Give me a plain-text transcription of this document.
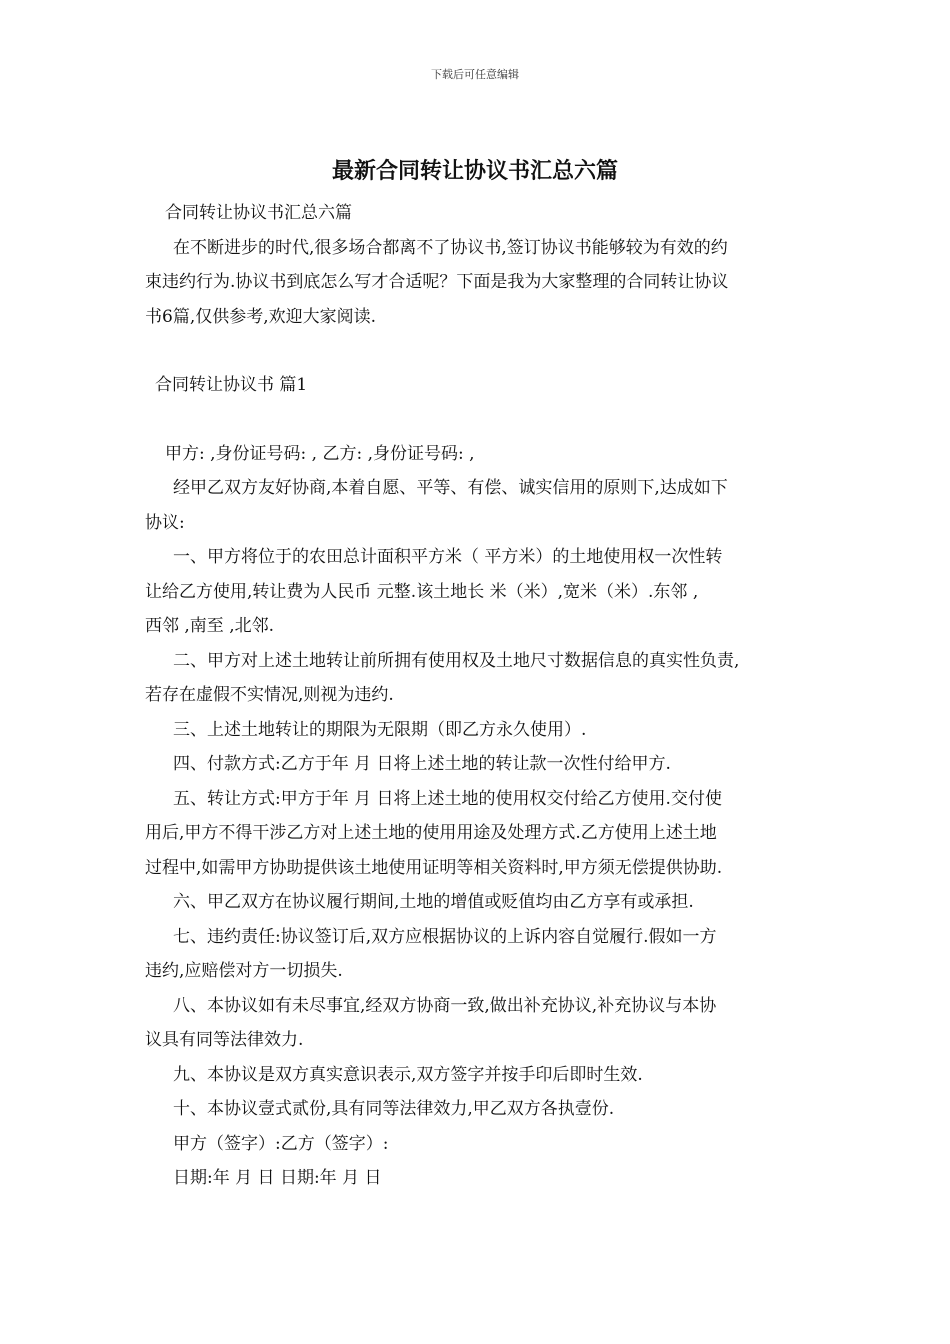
下载后可任意编辑
最新合同转让协议书汇总六篇
合同转让协议书汇总六篇
在不断进步的时代,很多场合都离不了协议书,签订协议书能够较为有效的约
束违约行为.协议书到底怎么写才合适呢？下面是我为大家整理的合同转让协议
书6篇,仅供参考,欢迎大家阅读.
合同转让协议书 篇1
甲方: ,身份证号码: , 乙方: ,身份证号码: ,
经甲乙双方友好协商,本着自愿、平等、有偿、诚实信用的原则下,达成如下
协议:
一、甲方将位于的农田总计面积平方米（ 平方米）的土地使用权一次性转
让给乙方使用,转让费为人民币 元整.该土地长 米（米）,宽米（米）.东邻 ,
西邻 ,南至 ,北邻.
二、甲方对上述土地转让前所拥有使用权及土地尺寸数据信息的真实性负责,
若存在虚假不实情况,则视为违约.
三、上述土地转让的期限为无限期（即乙方永久使用）.
四、付款方式:乙方于年 月 日将上述土地的转让款一次性付给甲方.
五、转让方式:甲方于年 月 日将上述土地的使用权交付给乙方使用.交付使
用后,甲方不得干涉乙方对上述土地的使用用途及处理方式.乙方使用上述土地
过程中,如需甲方协助提供该土地使用证明等相关资料时,甲方须无偿提供协助.
六、甲乙双方在协议履行期间,土地的增值或贬值均由乙方享有或承担.
七、违约责任:协议签订后,双方应根据协议的上诉内容自觉履行.假如一方
违约,应赔偿对方一切损失.
八、本协议如有未尽事宜,经双方协商一致,做出补充协议,补充协议与本协
议具有同等法律效力.
九、本协议是双方真实意识表示,双方签字并按手印后即时生效.
十、本协议壹式贰份,具有同等法律效力,甲乙双方各执壹份.
甲方（签字）:乙方（签字）:
日期:年 月 日 日期:年 月 日
